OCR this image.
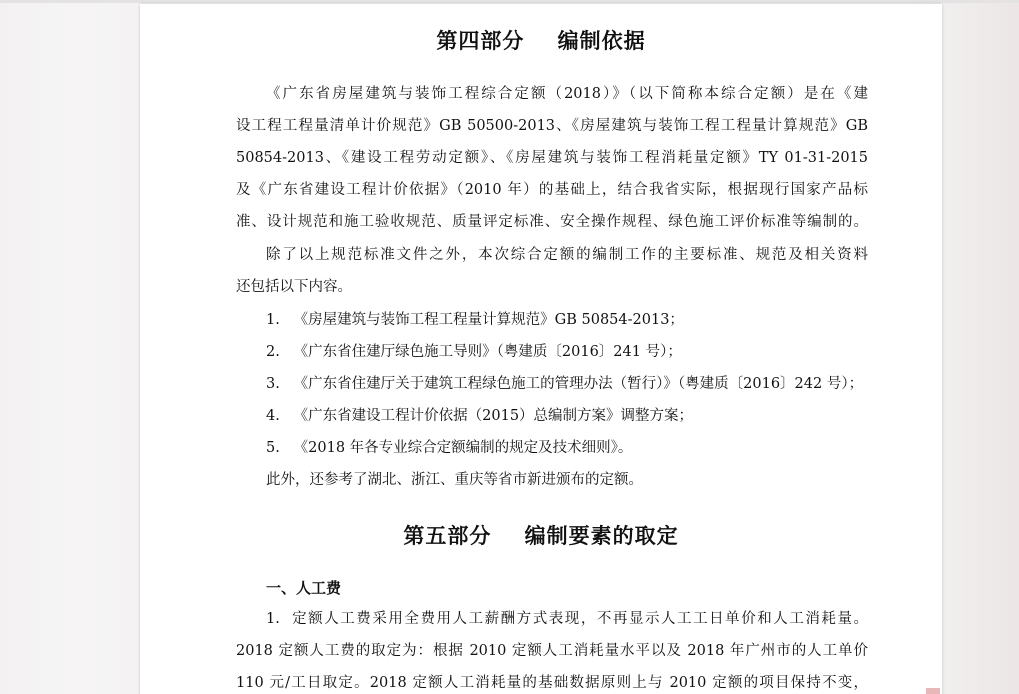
第四部分    编制依据
《广东省房屋建筑与装饰工程综合定额（2018）》（以下简称本综合定额）是在《建
设工程工程量清单计价规范》GB 50500-2013、《房屋建筑与装饰工程工程量计算规范》GB
50854-2013、《建设工程劳动定额》、《房屋建筑与装饰工程消耗量定额》TY 01-31-2015
及《广东省建设工程计价依据》（2010 年）的基础上，结合我省实际，根据现行国家产品标
准、设计规范和施工验收规范、质量评定标准、安全操作规程、绿色施工评价标准等编制的。
除了以上规范标准文件之外，本次综合定额的编制工作的主要标准、规范及相关资料
还包括以下内容。
1.   《房屋建筑与装饰工程工程量计算规范》GB 50854-2013；
2.   《广东省住建厅绿色施工导则》（粤建质〔2016〕241 号）；
3.   《广东省住建厅关于建筑工程绿色施工的管理办法（暂行）》（粤建质〔2016〕242 号）；
4.   《广东省建设工程计价依据（2015）总编制方案》调整方案；
5.   《2018 年各专业综合定额编制的规定及技术细则》。
此外，还参考了湖北、浙江、重庆等省市新进颁布的定额。
第五部分    编制要素的取定
一、人工费
1.  定额人工费采用全费用人工薪酬方式表现，不再显示人工工日单价和人工消耗量。
2018 定额人工费的取定为：根据 2010 定额人工消耗量水平以及 2018 年广州市的人工单价
110 元/工日取定。2018 定额人工消耗量的基础数据原则上与 2010 定额的项目保持不变，
